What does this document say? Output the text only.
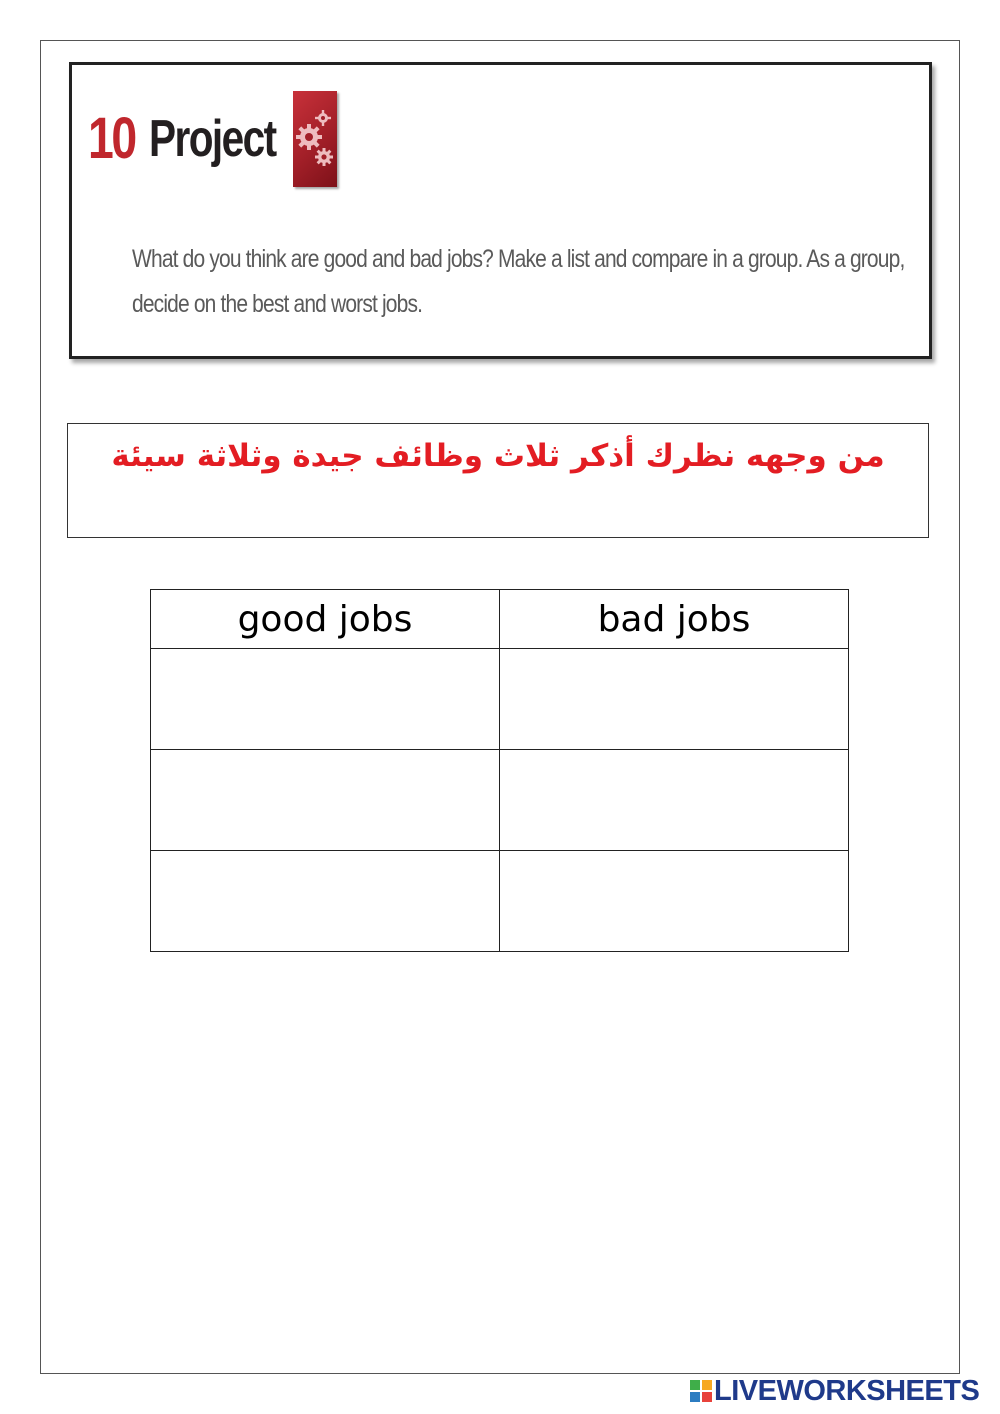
10 Project
What do you think are good and bad jobs? Make a list and compare in a group. As a group, decide on the best and worst jobs.
من وجهه نظرك أذكر ثلاث وظائف جيدة وثلاثة سيئة
good jobs	bad jobs

LIVEWORKSHEETS
